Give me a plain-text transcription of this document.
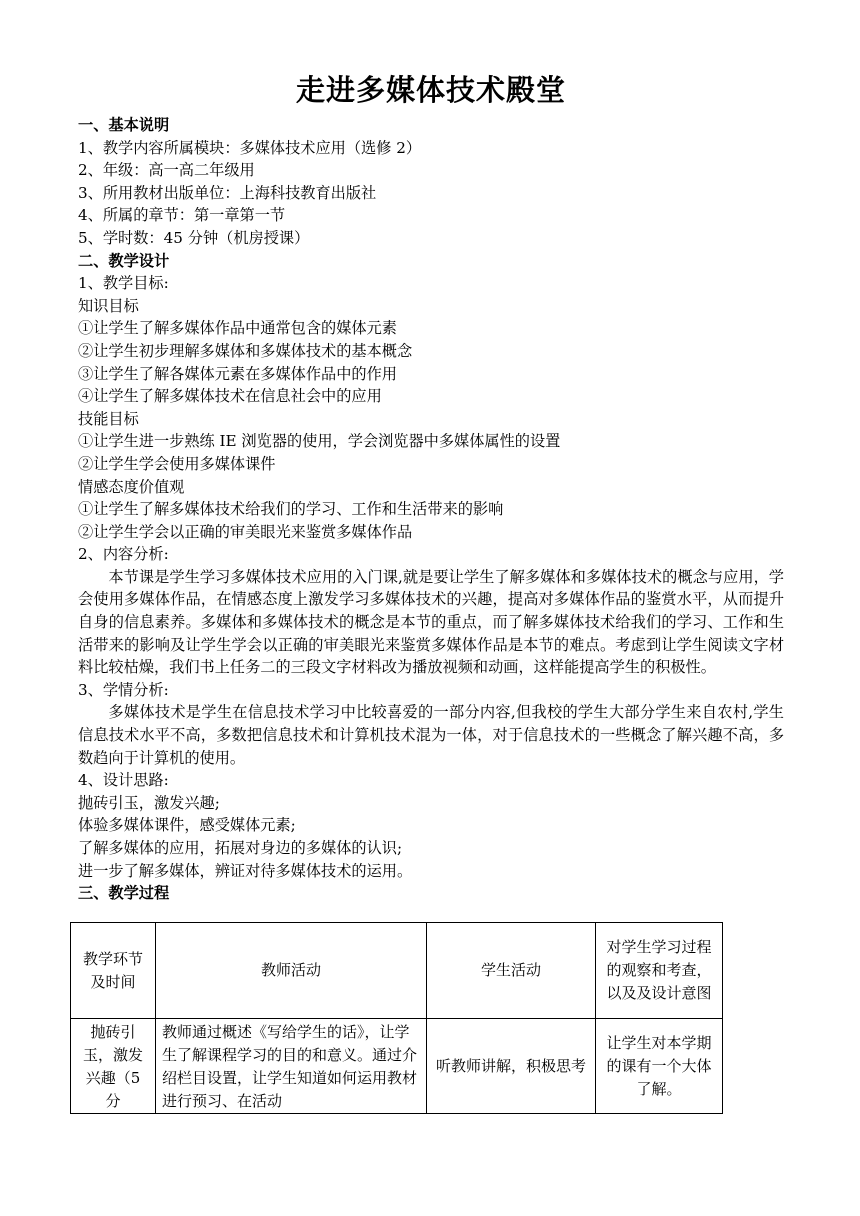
走进多媒体技术殿堂
一、基本说明
1、教学内容所属模块：多媒体技术应用（选修 2）
2、年级：高一高二年级用
3、所用教材出版单位：上海科技教育出版社
4、所属的章节：第一章第一节
5、学时数：45 分钟（机房授课）
二、教学设计
1、教学目标:
知识目标
①让学生了解多媒体作品中通常包含的媒体元素
②让学生初步理解多媒体和多媒体技术的基本概念
③让学生了解各媒体元素在多媒体作品中的作用
④让学生了解多媒体技术在信息社会中的应用
技能目标
①让学生进一步熟练 IE 浏览器的使用，学会浏览器中多媒体属性的设置
②让学生学会使用多媒体课件
情感态度价值观
①让学生了解多媒体技术给我们的学习、工作和生活带来的影响
②让学生学会以正确的审美眼光来鉴赏多媒体作品
2、内容分析:
本节课是学生学习多媒体技术应用的入门课,就是要让学生了解多媒体和多媒体技术的概念与应用，学会使用多媒体作品，在情感态度上激发学习多媒体技术的兴趣，提高对多媒体作品的鉴赏水平，从而提升自身的信息素养。多媒体和多媒体技术的概念是本节的重点，而了解多媒体技术给我们的学习、工作和生活带来的影响及让学生学会以正确的审美眼光来鉴赏多媒体作品是本节的难点。考虑到让学生阅读文字材料比较枯燥，我们书上任务二的三段文字材料改为播放视频和动画，这样能提高学生的积极性。
3、学情分析:
多媒体技术是学生在信息技术学习中比较喜爱的一部分内容,但我校的学生大部分学生来自农村,学生信息技术水平不高，多数把信息技术和计算机技术混为一体，对于信息技术的一些概念了解兴趣不高，多数趋向于计算机的使用。
4、设计思路:
抛砖引玉，激发兴趣;
体验多媒体课件，感受媒体元素;
了解多媒体的应用，拓展对身边的多媒体的认识;
进一步了解多媒体，辨证对待多媒体技术的运用。
三、教学过程
教学环节及时间	教师活动	学生活动	对学生学习过程的观察和考查，以及及设计意图
抛砖引玉，激发兴趣（5 分	教师通过概述《写给学生的话》，让学生了解课程学习的目的和意义。通过介绍栏目设置，让学生知道如何运用教材进行预习、在活动	听教师讲解，积极思考	让学生对本学期的课有一个大体了解。
